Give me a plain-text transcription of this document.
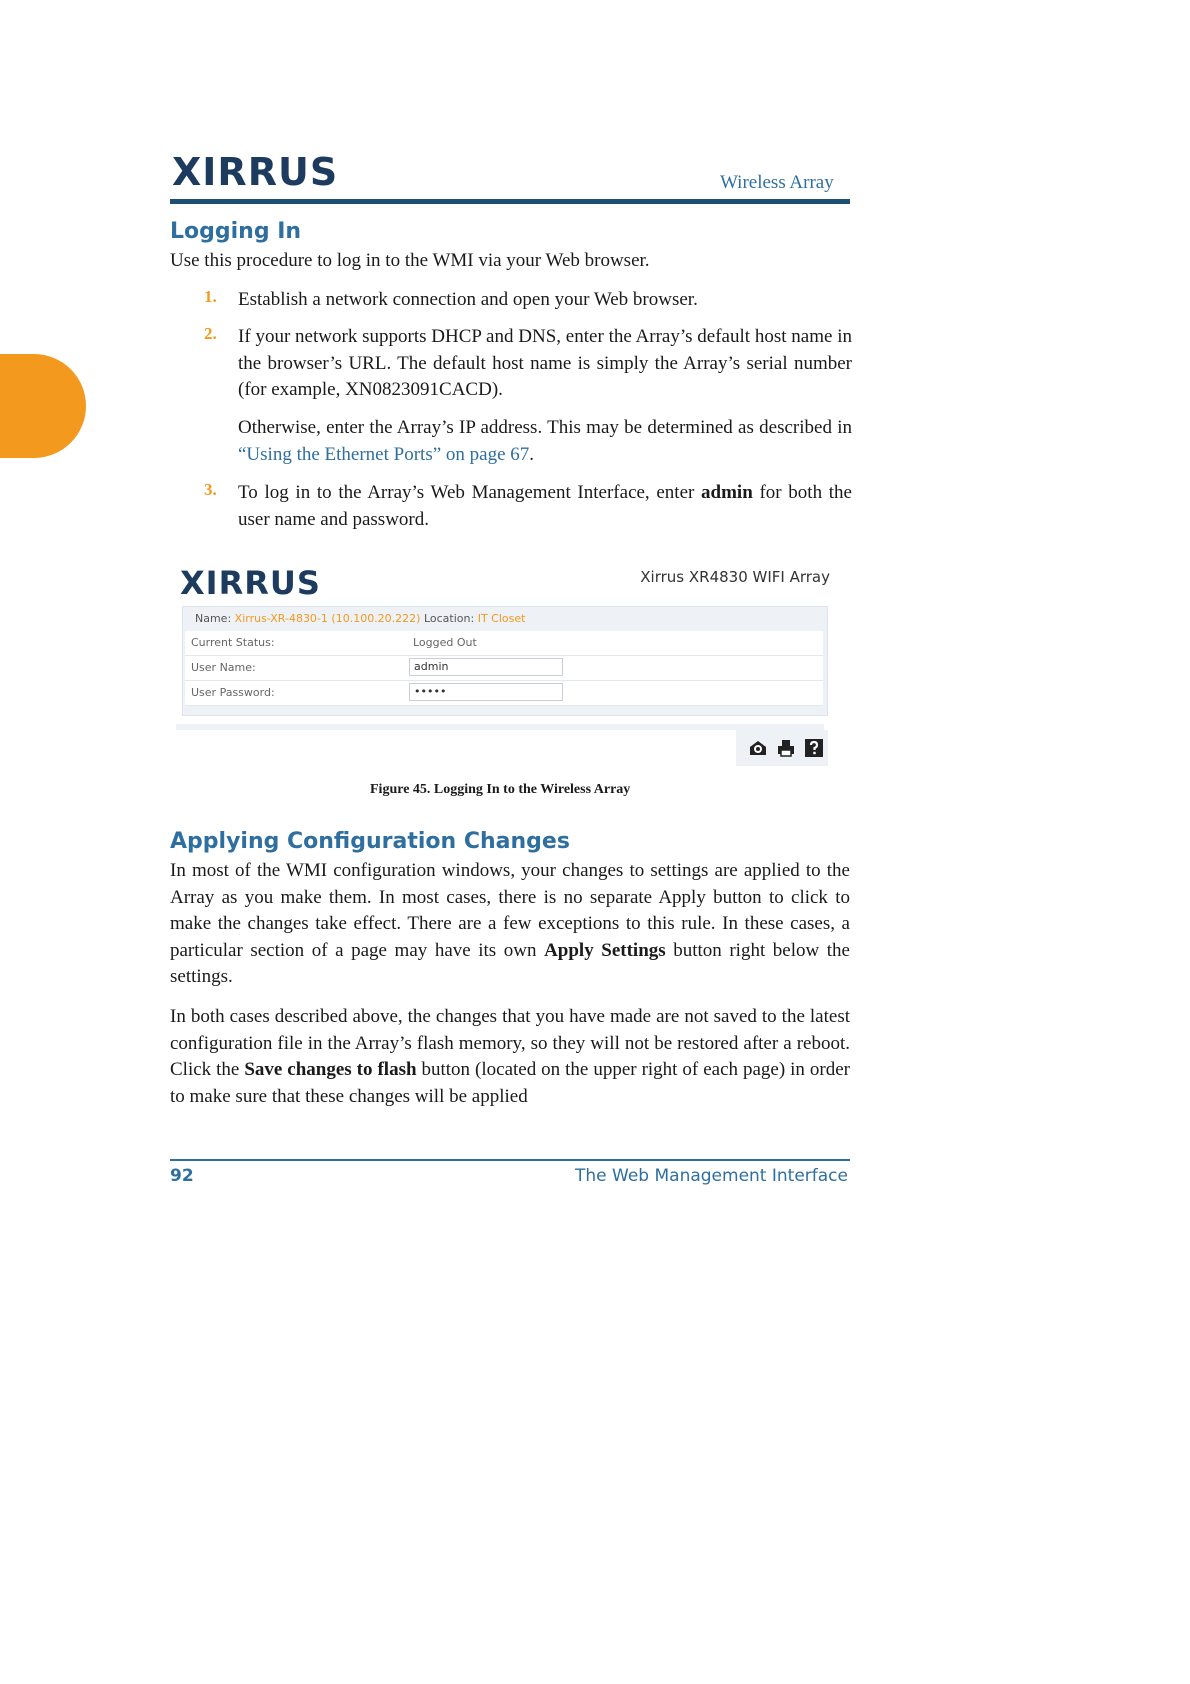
XIRRUS	Wireless Array
Logging In

Use this procedure to log in to the WMI via your Web browser.

1. Establish a network connection and open your Web browser.

2. If your network supports DHCP and DNS, enter the Array’s default host name in the browser’s URL. The default host name is simply the Array’s serial number (for example, XN0823091CACD).

Otherwise, enter the Array’s IP address. This may be determined as described in “Using the Ethernet Ports” on page 67.

3. To log in to the Array’s Web Management Interface, enter admin for both the user name and password.

XIRRUS	Xirrus XR4830 WIFI Array
Name: Xirrus-XR-4830-1 (10.100.20.222) Location: IT Closet
Current Status:	Logged Out
User Name:	admin
User Password:	•••••
Figure 45. Logging In to the Wireless Array
Applying Configuration Changes

In most of the WMI configuration windows, your changes to settings are applied to the Array as you make them. In most cases, there is no separate Apply button to click to make the changes take effect. There are a few exceptions to this rule. In these cases, a particular section of a page may have its own Apply Settings button right below the settings.

In both cases described above, the changes that you have made are not saved to the latest configuration file in the Array’s flash memory, so they will not be restored after a reboot. Click the Save changes to flash button (located on the upper right of each page) in order to make sure that these changes will be applied

92	The Web Management Interface
